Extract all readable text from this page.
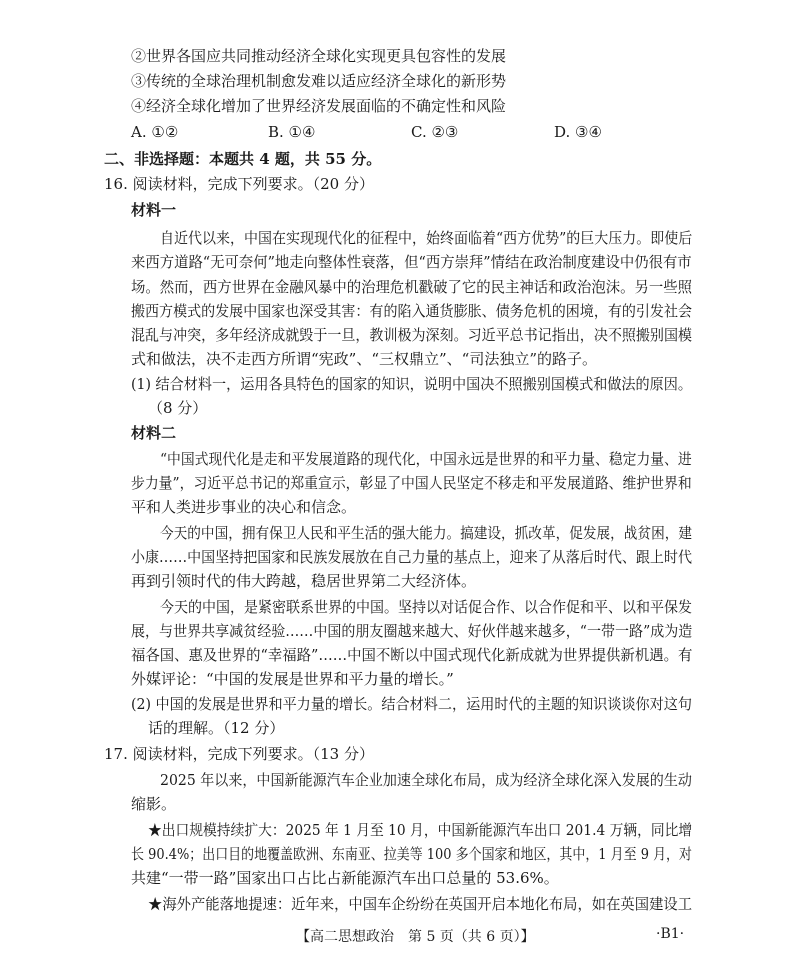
②世界各国应共同推动经济全球化实现更具包容性的发展
③传统的全球治理机制愈发难以适应经济全球化的新形势
④经济全球化增加了世界经济发展面临的不确定性和风险
A. ①②	B. ①④	C. ②③	D. ③④
二、非选择题：本题共 4 题，共 55 分。
16. 阅读材料，完成下列要求。（20 分）
材料一
自近代以来，中国在实现现代化的征程中，始终面临着“西方优势”的巨大压力。即使后
来西方道路“无可奈何”地走向整体性衰落，但“西方崇拜”情结在政治制度建设中仍很有市
场。然而，西方世界在金融风暴中的治理危机戳破了它的民主神话和政治泡沫。另一些照
搬西方模式的发展中国家也深受其害：有的陷入通货膨胀、债务危机的困境，有的引发社会
混乱与冲突，多年经济成就毁于一旦，教训极为深刻。习近平总书记指出，决不照搬别国模
式和做法，决不走西方所谓“宪政”、“三权鼎立”、“司法独立”的路子。
(1) 结合材料一，运用各具特色的国家的知识，说明中国决不照搬别国模式和做法的原因。
（8 分）
材料二
“中国式现代化是走和平发展道路的现代化，中国永远是世界的和平力量、稳定力量、进
步力量”，习近平总书记的郑重宣示，彰显了中国人民坚定不移走和平发展道路、维护世界和
平和人类进步事业的决心和信念。
今天的中国，拥有保卫人民和平生活的强大能力。搞建设，抓改革，促发展，战贫困，建
小康……中国坚持把国家和民族发展放在自己力量的基点上，迎来了从落后时代、跟上时代
再到引领时代的伟大跨越，稳居世界第二大经济体。
今天的中国，是紧密联系世界的中国。坚持以对话促合作、以合作促和平、以和平保发
展，与世界共享减贫经验……中国的朋友圈越来越大、好伙伴越来越多，“一带一路”成为造
福各国、惠及世界的“幸福路”……中国不断以中国式现代化新成就为世界提供新机遇。有
外媒评论：“中国的发展是世界和平力量的增长。”
(2) 中国的发展是世界和平力量的增长。结合材料二，运用时代的主题的知识谈谈你对这句
话的理解。（12 分）
17. 阅读材料，完成下列要求。（13 分）
2025 年以来，中国新能源汽车企业加速全球化布局，成为经济全球化深入发展的生动
缩影。
★出口规模持续扩大：2025 年 1 月至 10 月，中国新能源汽车出口 201.4 万辆，同比增
长 90.4%；出口目的地覆盖欧洲、东南亚、拉美等 100 多个国家和地区，其中，1 月至 9 月，对
共建“一带一路”国家出口占比占新能源汽车出口总量的 53.6%。
★海外产能落地提速：近年来，中国车企纷纷在英国开启本地化布局，如在英国建设工
【高二思想政治　第 5 页（共 6 页）】	·B1·
